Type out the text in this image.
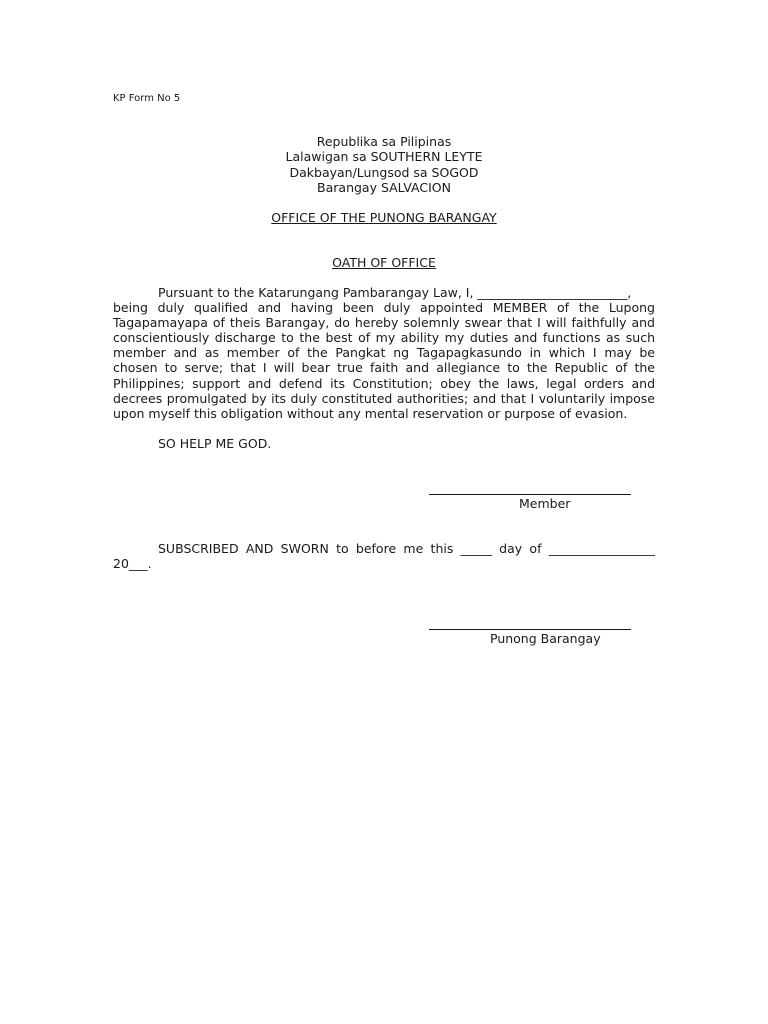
KP Form No 5
Republika sa Pilipinas
Lalawigan sa SOUTHERN LEYTE
Dakbayan/Lungsod sa SOGOD
Barangay SALVACION
OFFICE OF THE PUNONG BARANGAY
OATH OF OFFICE
Pursuant to the Katarungang Pambarangay Law, I, ________________________,
being duly qualified and having been duly appointed MEMBER of the Lupong
Tagapamayapa of theis Barangay, do hereby solemnly swear that I will faithfully and
conscientiously discharge to the best of my ability my duties and functions as such
member and as member of the Pangkat ng Tagapagkasundo in which I may be
chosen to serve; that I will bear true faith and allegiance to the Republic of the
Philippines; support and defend its Constitution; obey the laws, legal orders and
decrees promulgated by its duly constituted authorities; and that I voluntarily impose
upon myself this obligation without any mental reservation or purpose of evasion.
SO HELP ME GOD.
Member
SUBSCRIBED AND SWORN to before me this _____ day of _________________
20___.
Punong Barangay
